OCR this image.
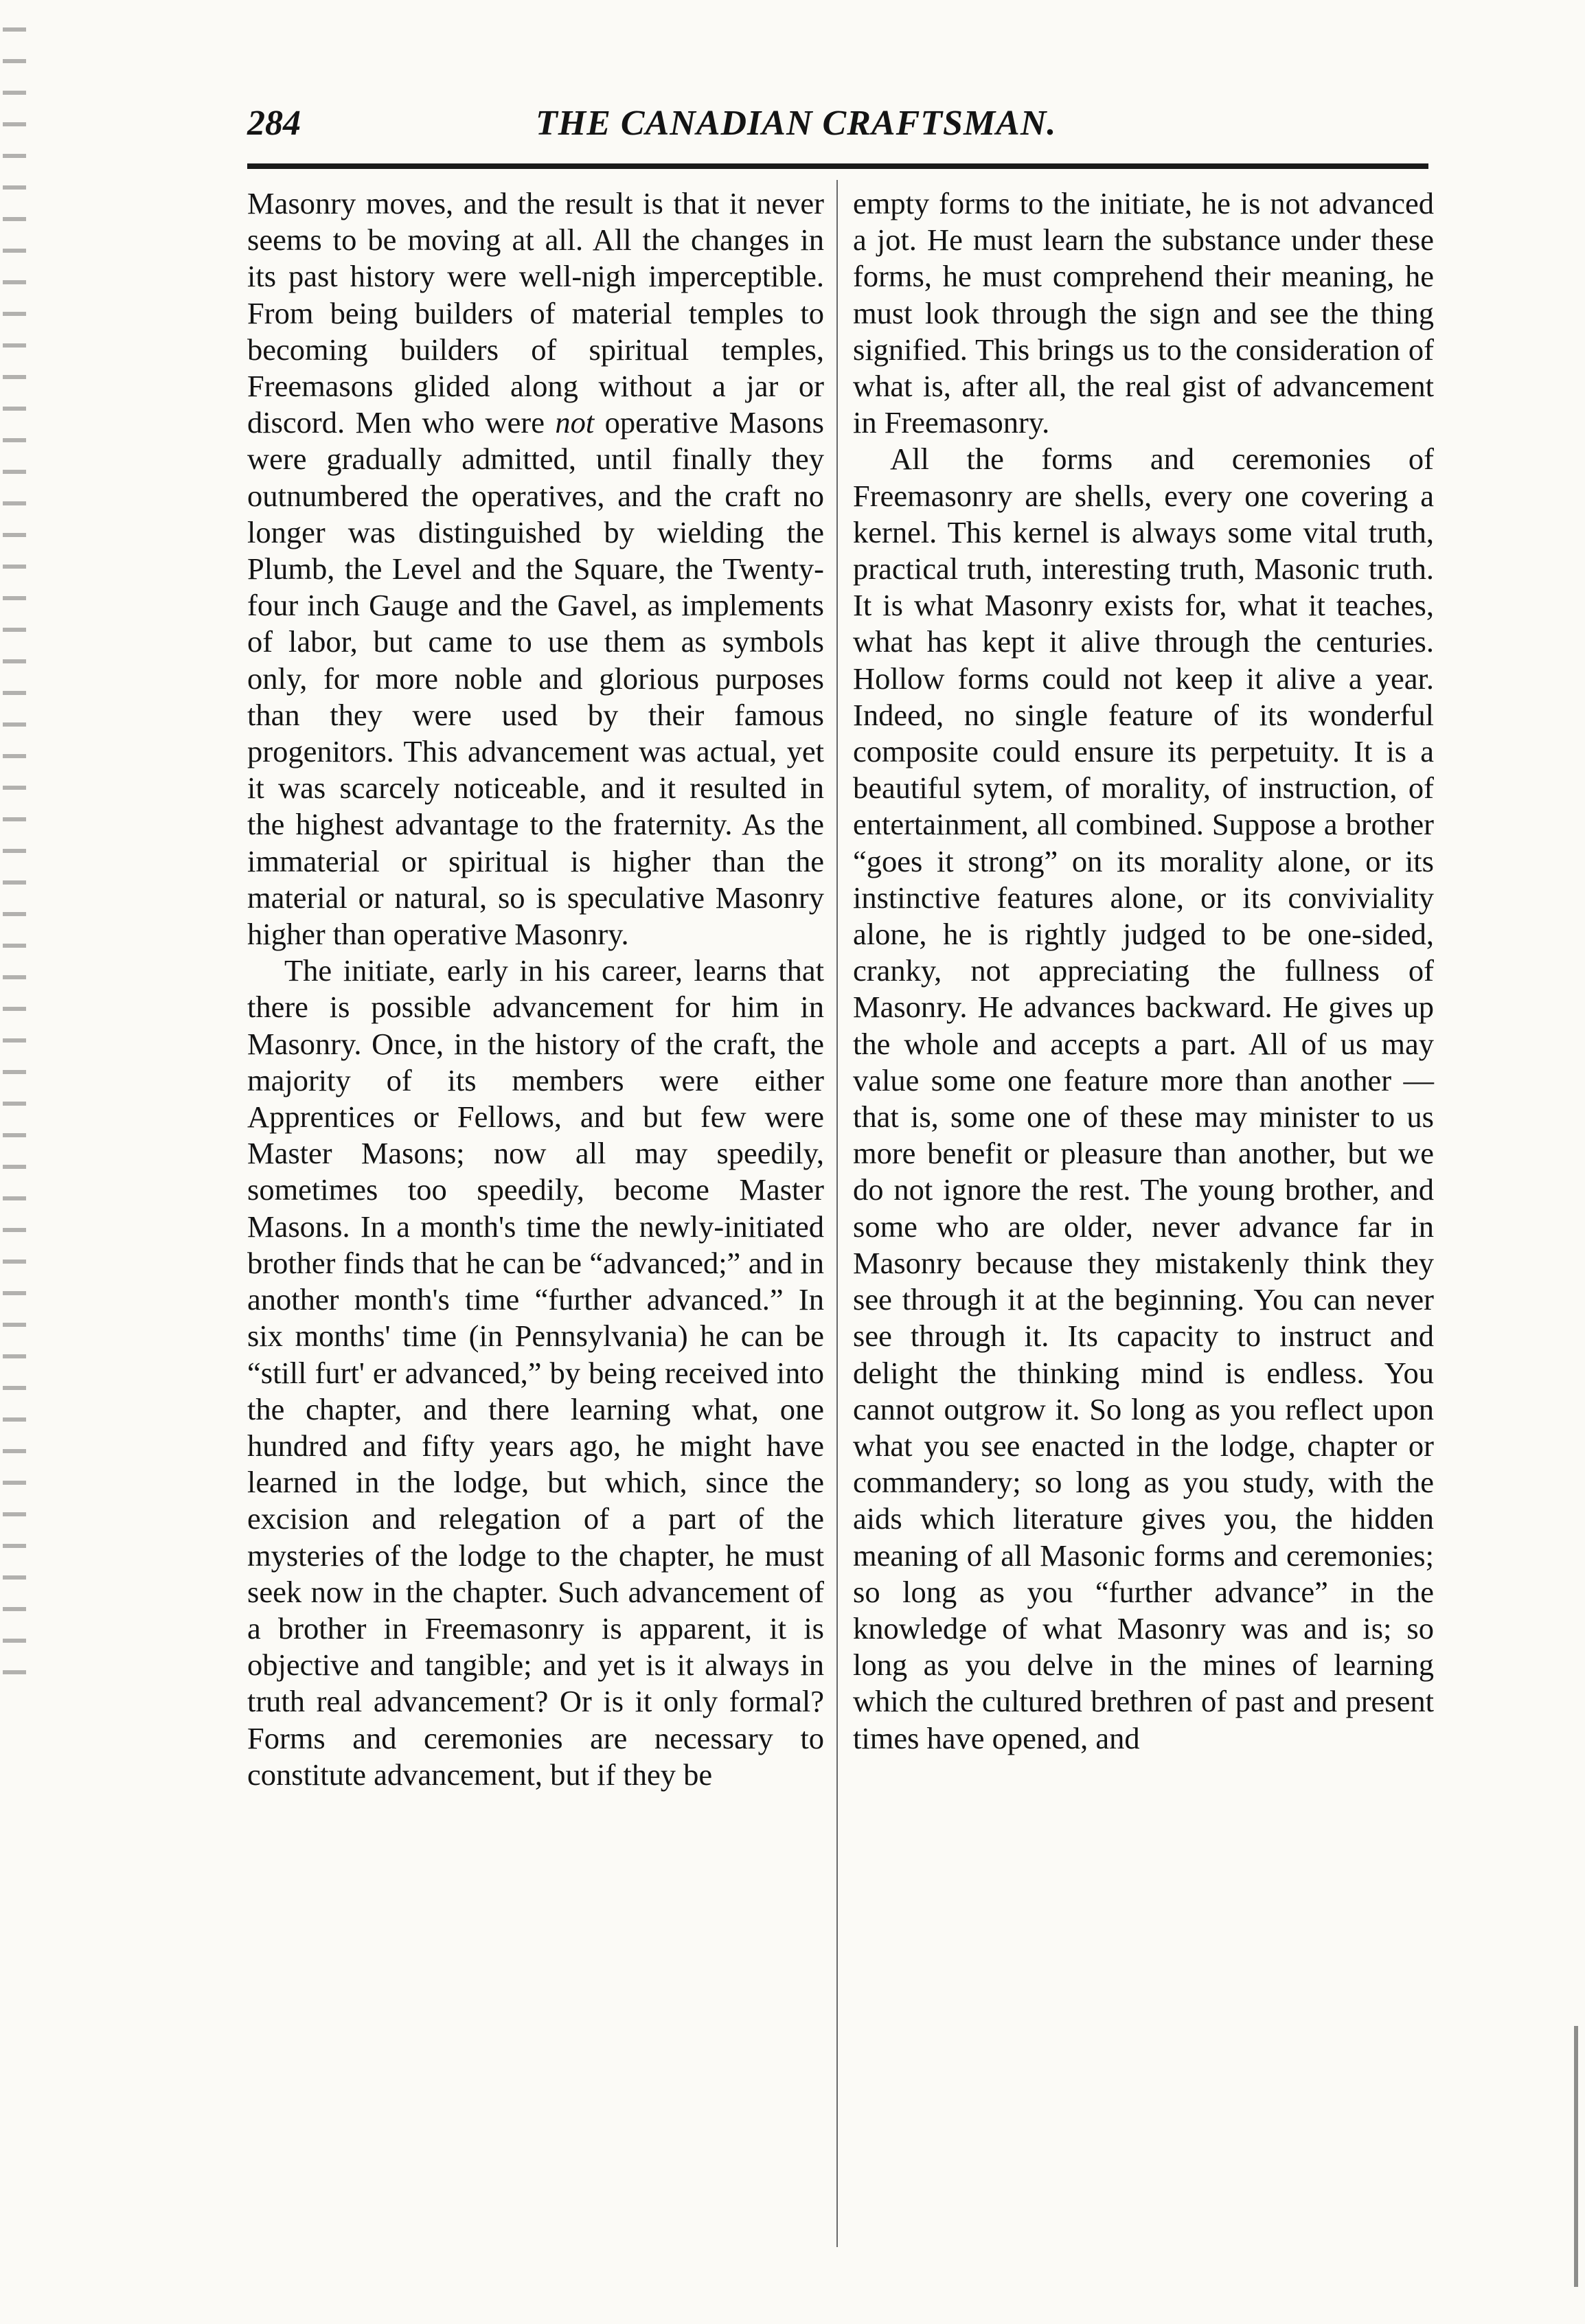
284	THE CANADIAN CRAFTSMAN.

Masonry moves, and the result is that it never seems to be moving at all. All the changes in its past history were well-nigh imperceptible. From being builders of material temples to becoming builders of spiritual temples, Freemasons glided along without a jar or discord. Men who were not operative Masons were gradually admitted, until finally they outnumbered the operatives, and the craft no longer was distinguished by wielding the Plumb, the Level and the Square, the Twenty-four inch Gauge and the Gavel, as implements of labor, but came to use them as symbols only, for more noble and glorious purposes than they were used by their famous progenitors. This advancement was actual, yet it was scarcely noticeable, and it resulted in the highest advantage to the fraternity. As the immaterial or spiritual is higher than the material or natural, so is speculative Masonry higher than operative Masonry.

The initiate, early in his career, learns that there is possible advancement for him in Masonry. Once, in the history of the craft, the majority of its members were either Apprentices or Fellows, and but few were Master Masons; now all may speedily, sometimes too speedily, become Master Masons. In a month's time the newly-initiated brother finds that he can be “advanced;” and in another month's time “further advanced.” In six months' time (in Pennsylvania) he can be “still furt' er advanced,” by being received into the chapter, and there learning what, one hundred and fifty years ago, he might have learned in the lodge, but which, since the excision and relegation of a part of the mysteries of the lodge to the chapter, he must seek now in the chapter. Such advancement of a brother in Freemasonry is apparent, it is objective and tangible; and yet is it always in truth real advancement? Or is it only formal? Forms and ceremonies are necessary to constitute advancement, but if they be

empty forms to the initiate, he is not advanced a jot. He must learn the substance under these forms, he must comprehend their meaning, he must look through the sign and see the thing signified. This brings us to the consideration of what is, after all, the real gist of advancement in Freemasonry.

All the forms and ceremonies of Freemasonry are shells, every one covering a kernel. This kernel is always some vital truth, practical truth, interesting truth, Masonic truth. It is what Masonry exists for, what it teaches, what has kept it alive through the centuries. Hollow forms could not keep it alive a year. Indeed, no single feature of its wonderful composite could ensure its perpetuity. It is a beautiful sytem, of morality, of instruction, of entertainment, all combined. Suppose a brother “goes it strong” on its morality alone, or its instinctive features alone, or its conviviality alone, he is rightly judged to be one-sided, cranky, not appreciating the fullness of Masonry. He advances backward. He gives up the whole and accepts a part. All of us may value some one feature more than another —that is, some one of these may minister to us more benefit or pleasure than another, but we do not ignore the rest. The young brother, and some who are older, never advance far in Masonry because they mistakenly think they see through it at the beginning. You can never see through it. Its capacity to instruct and delight the thinking mind is endless. You cannot outgrow it. So long as you reflect upon what you see enacted in the lodge, chapter or commandery; so long as you study, with the aids which literature gives you, the hidden meaning of all Masonic forms and ceremonies; so long as you “further advance” in the knowledge of what Masonry was and is; so long as you delve in the mines of learning which the cultured brethren of past and present times have opened, and
